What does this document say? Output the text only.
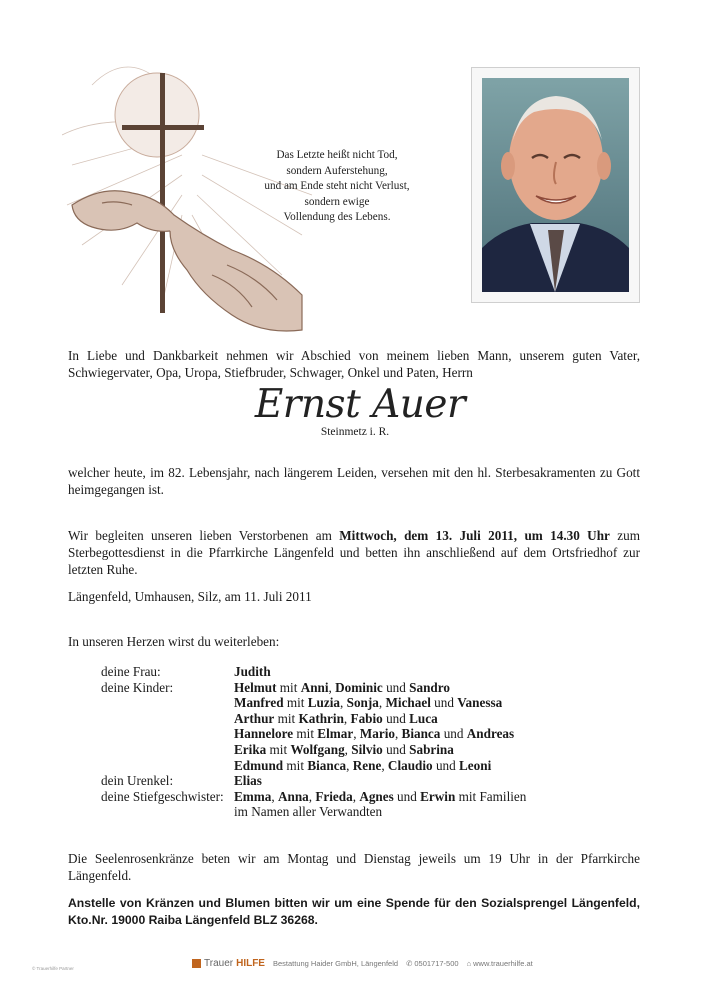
Das Letzte heißt nicht Tod,
sondern Auferstehung,
und am Ende steht nicht Verlust,
sondern ewige
Vollendung des Lebens.
In Liebe und Dankbarkeit nehmen wir Abschied von meinem lieben Mann, unserem guten Vater, Schwiegervater, Opa, Uropa, Stiefbruder, Schwager, Onkel und Paten, Herrn
Ernst Auer
Steinmetz i. R.
welcher heute, im 82. Lebensjahr, nach längerem Leiden, versehen mit den hl. Sterbesakramenten zu Gott heimgegangen ist.
Wir begleiten unseren lieben Verstorbenen am Mittwoch, dem 13. Juli 2011, um 14.30 Uhr zum Sterbegottesdienst in die Pfarrkirche Längenfeld und betten ihn anschließend auf dem Ortsfriedhof zur letzten Ruhe.
Längenfeld, Umhausen, Silz, am 11. Juli 2011
In unseren Herzen wirst du weiterleben:
deine Frau:	Judith
deine Kinder:	Helmut mit Anni, Dominic und Sandro
Manfred mit Luzia, Sonja, Michael und Vanessa
Arthur mit Kathrin, Fabio und Luca
Hannelore mit Elmar, Mario, Bianca und Andreas
Erika mit Wolfgang, Silvio und Sabrina
Edmund mit Bianca, Rene, Claudio und Leoni
dein Urenkel:	Elias
deine Stiefgeschwister: Emma, Anna, Frieda, Agnes und Erwin mit Familien
im Namen aller Verwandten
Die Seelenrosenkränze beten wir am Montag und Dienstag jeweils um 19 Uhr in der Pfarrkirche Längenfeld.
Anstelle von Kränzen und Blumen bitten wir um eine Spende für den Sozialsprengel Längenfeld, Kto.Nr. 19000 Raiba Längenfeld BLZ 36268.
© Trauerhilfe Partner	Trauer HILFE Bestattung Haider GmbH, Längenfeld ✆ 0501717-500 ⌂ www.trauerhilfe.at
